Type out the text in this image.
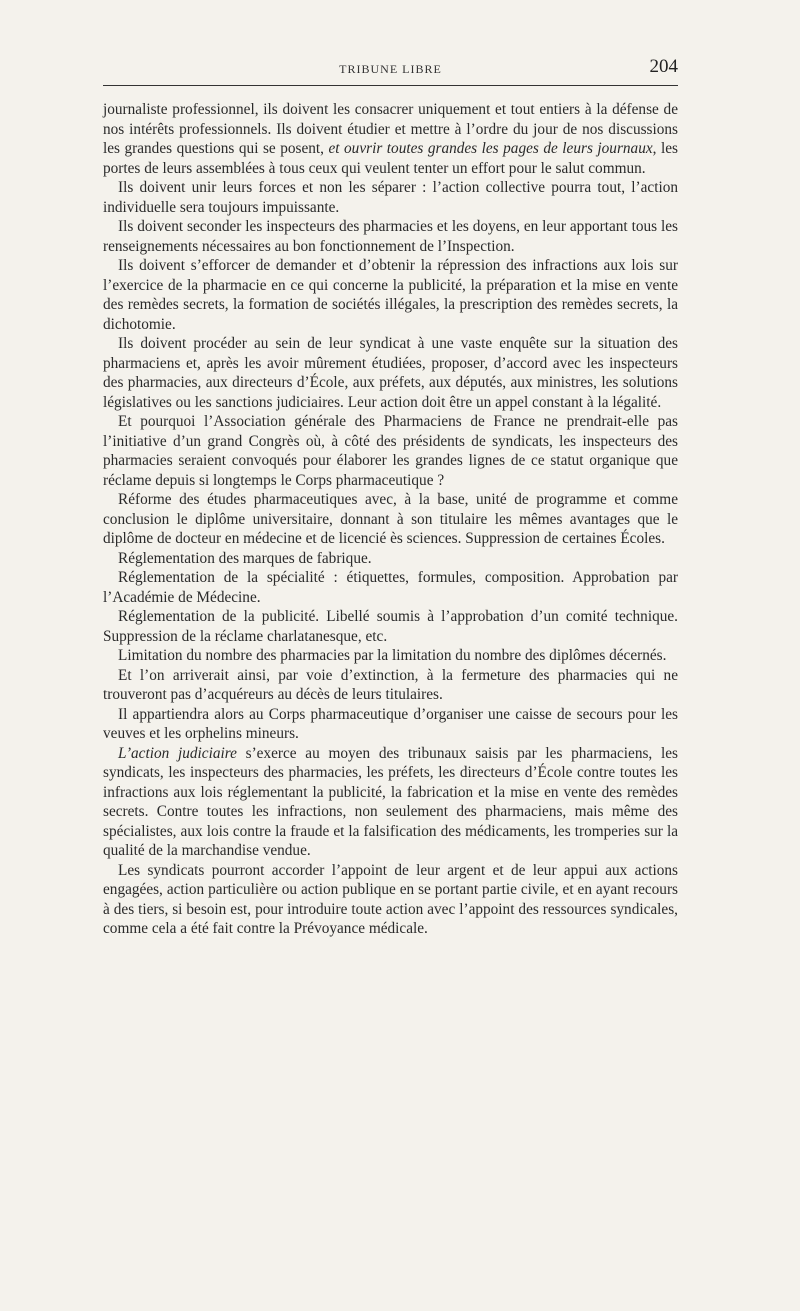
TRIBUNE LIBRE	204

journaliste professionnel, ils doivent les consacrer uniquement et tout entiers à la défense de nos intérêts professionnels. Ils doivent étudier et mettre à l’ordre du jour de nos discussions les grandes questions qui se posent, et ouvrir toutes grandes les pages de leurs journaux, les portes de leurs assemblées à tous ceux qui veulent tenter un effort pour le salut commun.

Ils doivent unir leurs forces et non les séparer : l’action collective pourra tout, l’action individuelle sera toujours impuissante.

Ils doivent seconder les inspecteurs des pharmacies et les doyens, en leur apportant tous les renseignements nécessaires au bon fonctionnement de l’Inspection.

Ils doivent s’efforcer de demander et d’obtenir la répression des infractions aux lois sur l’exercice de la pharmacie en ce qui concerne la publicité, la préparation et la mise en vente des remèdes secrets, la formation de sociétés illégales, la prescription des remèdes secrets, la dichotomie.

Ils doivent procéder au sein de leur syndicat à une vaste enquête sur la situation des pharmaciens et, après les avoir mûrement étudiées, proposer, d’accord avec les inspecteurs des pharmacies, aux directeurs d’École, aux préfets, aux députés, aux ministres, les solutions législatives ou les sanctions judiciaires. Leur action doit être un appel constant à la légalité.

Et pourquoi l’Association générale des Pharmaciens de France ne prendrait-elle pas l’initiative d’un grand Congrès où, à côté des présidents de syndicats, les inspecteurs des pharmacies seraient convoqués pour élaborer les grandes lignes de ce statut organique que réclame depuis si longtemps le Corps pharmaceutique ?

Réforme des études pharmaceutiques avec, à la base, unité de programme et comme conclusion le diplôme universitaire, donnant à son titulaire les mêmes avantages que le diplôme de docteur en médecine et de licencié ès sciences. Suppression de certaines Écoles.

Réglementation des marques de fabrique.

Réglementation de la spécialité : étiquettes, formules, composition. Approbation par l’Académie de Médecine.

Réglementation de la publicité. Libellé soumis à l’approbation d’un comité technique. Suppression de la réclame charlatanesque, etc.

Limitation du nombre des pharmacies par la limitation du nombre des diplômes décernés.

Et l’on arriverait ainsi, par voie d’extinction, à la fermeture des pharmacies qui ne trouveront pas d’acquéreurs au décès de leurs titulaires.

Il appartiendra alors au Corps pharmaceutique d’organiser une caisse de secours pour les veuves et les orphelins mineurs.

L’action judiciaire s’exerce au moyen des tribunaux saisis par les pharmaciens, les syndicats, les inspecteurs des pharmacies, les préfets, les directeurs d’École contre toutes les infractions aux lois réglementant la publicité, la fabrication et la mise en vente des remèdes secrets. Contre toutes les infractions, non seulement des pharmaciens, mais même des spécialistes, aux lois contre la fraude et la falsification des médicaments, les tromperies sur la qualité de la marchandise vendue.

Les syndicats pourront accorder l’appoint de leur argent et de leur appui aux actions engagées, action particulière ou action publique en se portant partie civile, et en ayant recours à des tiers, si besoin est, pour introduire toute action avec l’appoint des ressources syndicales, comme cela a été fait contre la Prévoyance médicale.
